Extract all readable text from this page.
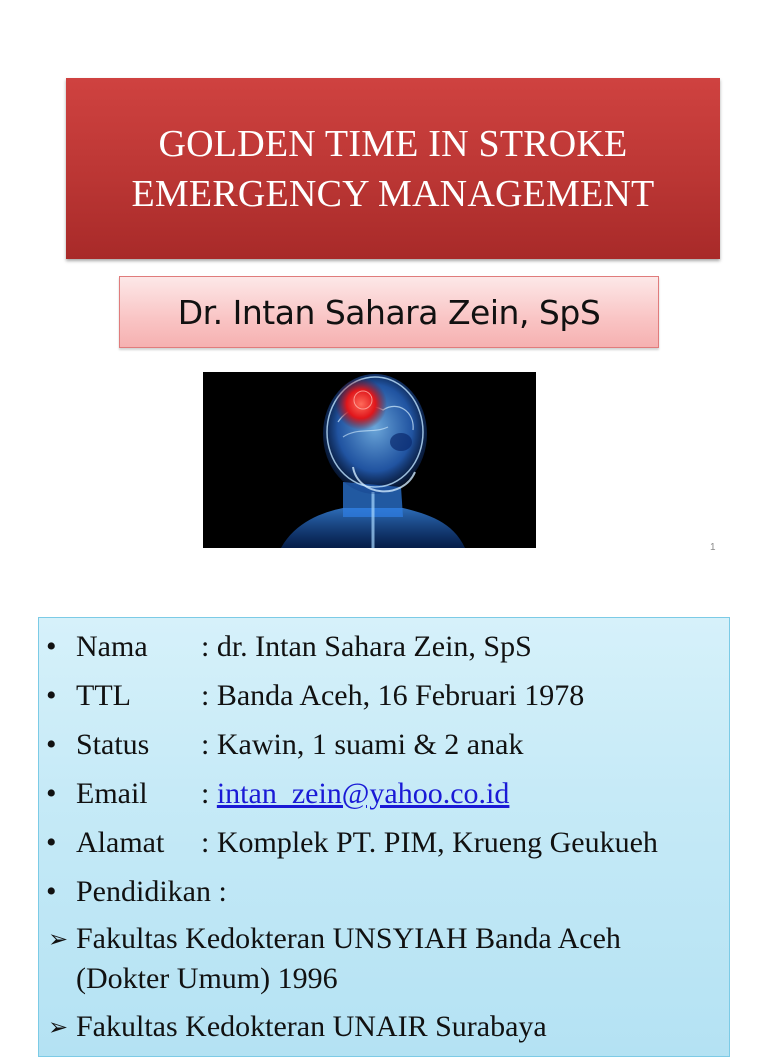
GOLDEN TIME IN STROKE
EMERGENCY MANAGEMENT
Dr. Intan Sahara Zein, SpS
1
• Nama : dr. Intan Sahara Zein, SpS
• TTL : Banda Aceh, 16 Februari 1978
• Status : Kawin, 1 suami & 2 anak
• Email : intan_zein@yahoo.co.id
• Alamat : Komplek PT. PIM, Krueng Geukueh
• Pendidikan :
➢ Fakultas Kedokteran UNSYIAH Banda Aceh
(Dokter Umum) 1996
➢ Fakultas Kedokteran UNAIR Surabaya
